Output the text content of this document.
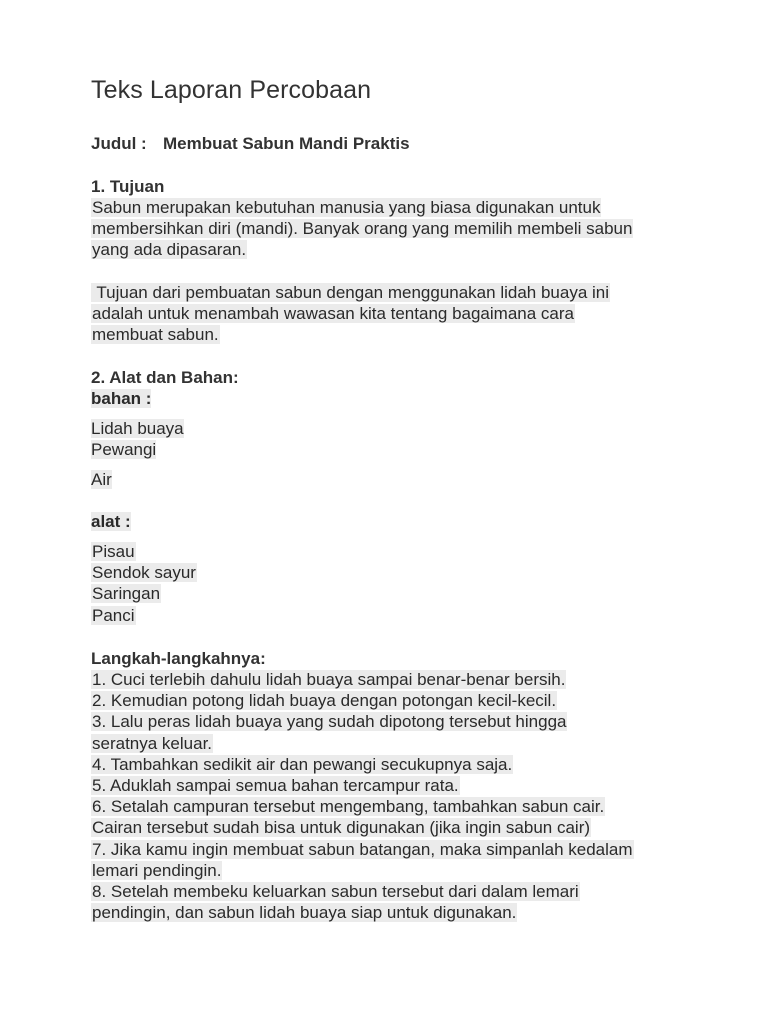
Teks Laporan Percobaan
Judul : Membuat Sabun Mandi Praktis
1. Tujuan
Sabun merupakan kebutuhan manusia yang biasa digunakan untuk
membersihkan diri (mandi). Banyak orang yang memilih membeli sabun
yang ada dipasaran.
Tujuan dari pembuatan sabun dengan menggunakan lidah buaya ini
adalah untuk menambah wawasan kita tentang bagaimana cara
membuat sabun.
2. Alat dan Bahan:
bahan :
Lidah buaya
Pewangi
Air
alat :
Pisau
Sendok sayur
Saringan
Panci
Langkah-langkahnya:
1. Cuci terlebih dahulu lidah buaya sampai benar-benar bersih.
2. Kemudian potong lidah buaya dengan potongan kecil-kecil.
3. Lalu peras lidah buaya yang sudah dipotong tersebut hingga
seratnya keluar.
4. Tambahkan sedikit air dan pewangi secukupnya saja.
5. Aduklah sampai semua bahan tercampur rata.
6. Setalah campuran tersebut mengembang, tambahkan sabun cair.
Cairan tersebut sudah bisa untuk digunakan (jika ingin sabun cair)
7. Jika kamu ingin membuat sabun batangan, maka simpanlah kedalam
lemari pendingin.
8. Setelah membeku keluarkan sabun tersebut dari dalam lemari
pendingin, dan sabun lidah buaya siap untuk digunakan.
